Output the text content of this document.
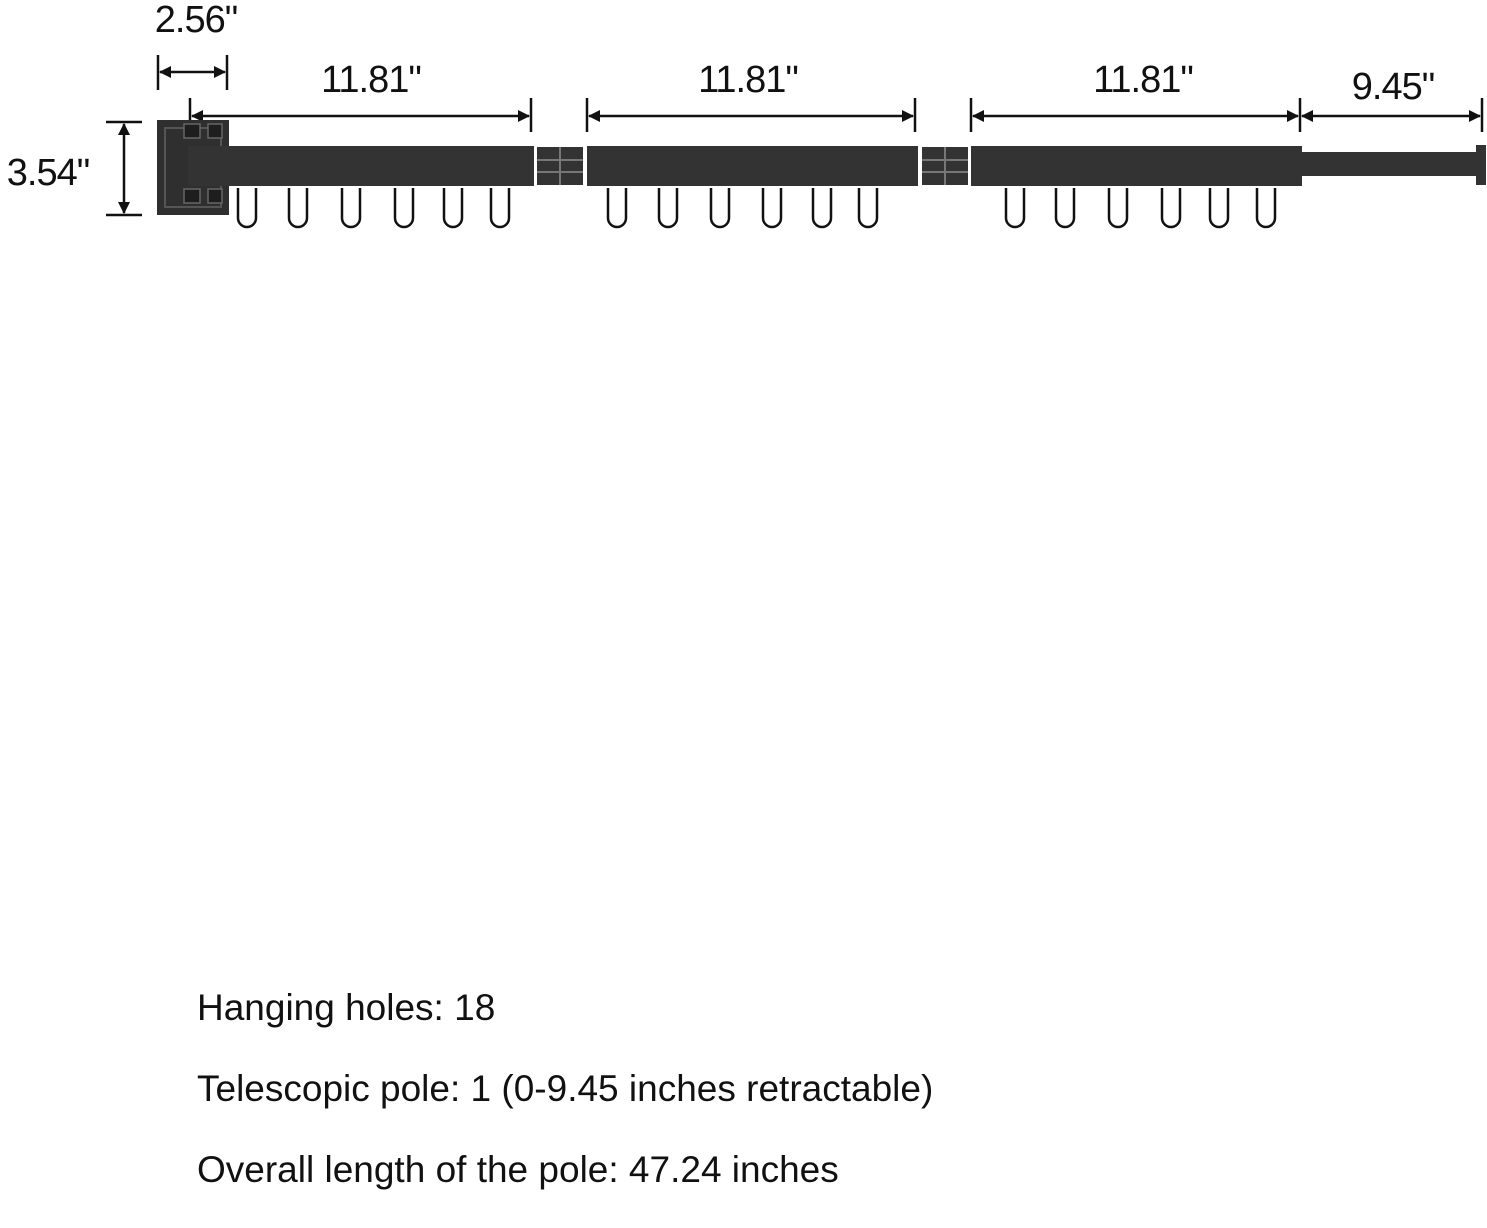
2.56"
11.81"	11.81"	11.81"	9.45"
3.54"
Hanging holes: 18
Telescopic pole: 1 (0-9.45 inches retractable)
Overall length of the pole: 47.24 inches
